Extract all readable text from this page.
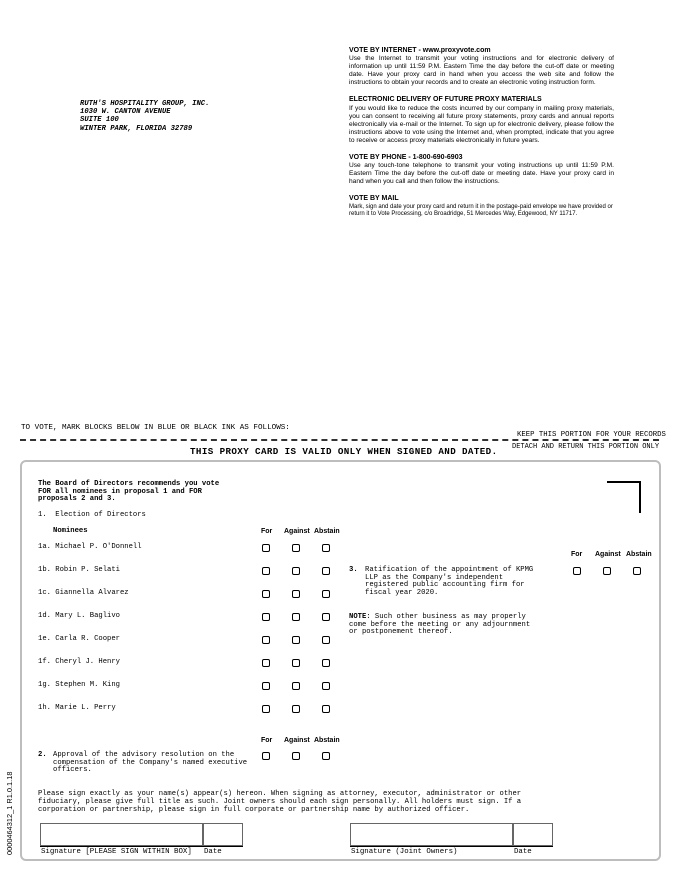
RUTH'S HOSPITALITY GROUP, INC.
1030 W. CANTON AVENUE
SUITE 100
WINTER PARK, FLORIDA 32789
VOTE BY INTERNET - www.proxyvote.com
Use the Internet to transmit your voting instructions and for electronic delivery of information up until 11:59 P.M. Eastern Time the day before the cut-off date or meeting date. Have your proxy card in hand when you access the web site and follow the instructions to obtain your records and to create an electronic voting instruction form.
ELECTRONIC DELIVERY OF FUTURE PROXY MATERIALS
If you would like to reduce the costs incurred by our company in mailing proxy materials, you can consent to receiving all future proxy statements, proxy cards and annual reports electronically via e-mail or the Internet. To sign up for electronic delivery, please follow the instructions above to vote using the Internet and, when prompted, indicate that you agree to receive or access proxy materials electronically in future years.
VOTE BY PHONE - 1-800-690-6903
Use any touch-tone telephone to transmit your voting instructions up until 11:59 P.M. Eastern Time the day before the cut-off date or meeting date. Have your proxy card in hand when you call and then follow the instructions.
VOTE BY MAIL
Mark, sign and date your proxy card and return it in the postage-paid envelope we have provided or return it to Vote Processing, c/o Broadridge, 51 Mercedes Way, Edgewood, NY 11717.
TO VOTE, MARK BLOCKS BELOW IN BLUE OR BLACK INK AS FOLLOWS:
KEEP THIS PORTION FOR YOUR RECORDS
DETACH AND RETURN THIS PORTION ONLY
THIS PROXY CARD IS VALID ONLY WHEN SIGNED AND DATED.
The Board of Directors recommends you vote FOR all nominees in proposal 1 and FOR proposals 2 and 3.
1. Election of Directors
Nominees	For Against Abstain
1a. Michael P. O'Donnell
1b. Robin P. Selati
1c. Giannella Alvarez
1d. Mary L. Baglivo
1e. Carla R. Cooper
1f. Cheryl J. Henry
1g. Stephen M. King
1h. Marie L. Perry
For Against Abstain
2. Approval of the advisory resolution on the compensation of the Company's named executive officers.
For Against Abstain
3. Ratification of the appointment of KPMG LLP as the Company's independent registered public accounting firm for fiscal year 2020.
NOTE: Such other business as may properly come before the meeting or any adjournment or postponement thereof.
Please sign exactly as your name(s) appear(s) hereon. When signing as attorney, executor, administrator or other fiduciary, please give full title as such. Joint owners should each sign personally. All holders must sign. If a corporation or partnership, please sign in full corporate or partnership name by authorized officer.
Signature [PLEASE SIGN WITHIN BOX] Date	Signature (Joint Owners)	Date
0000464312_1 R1.0.1.18
